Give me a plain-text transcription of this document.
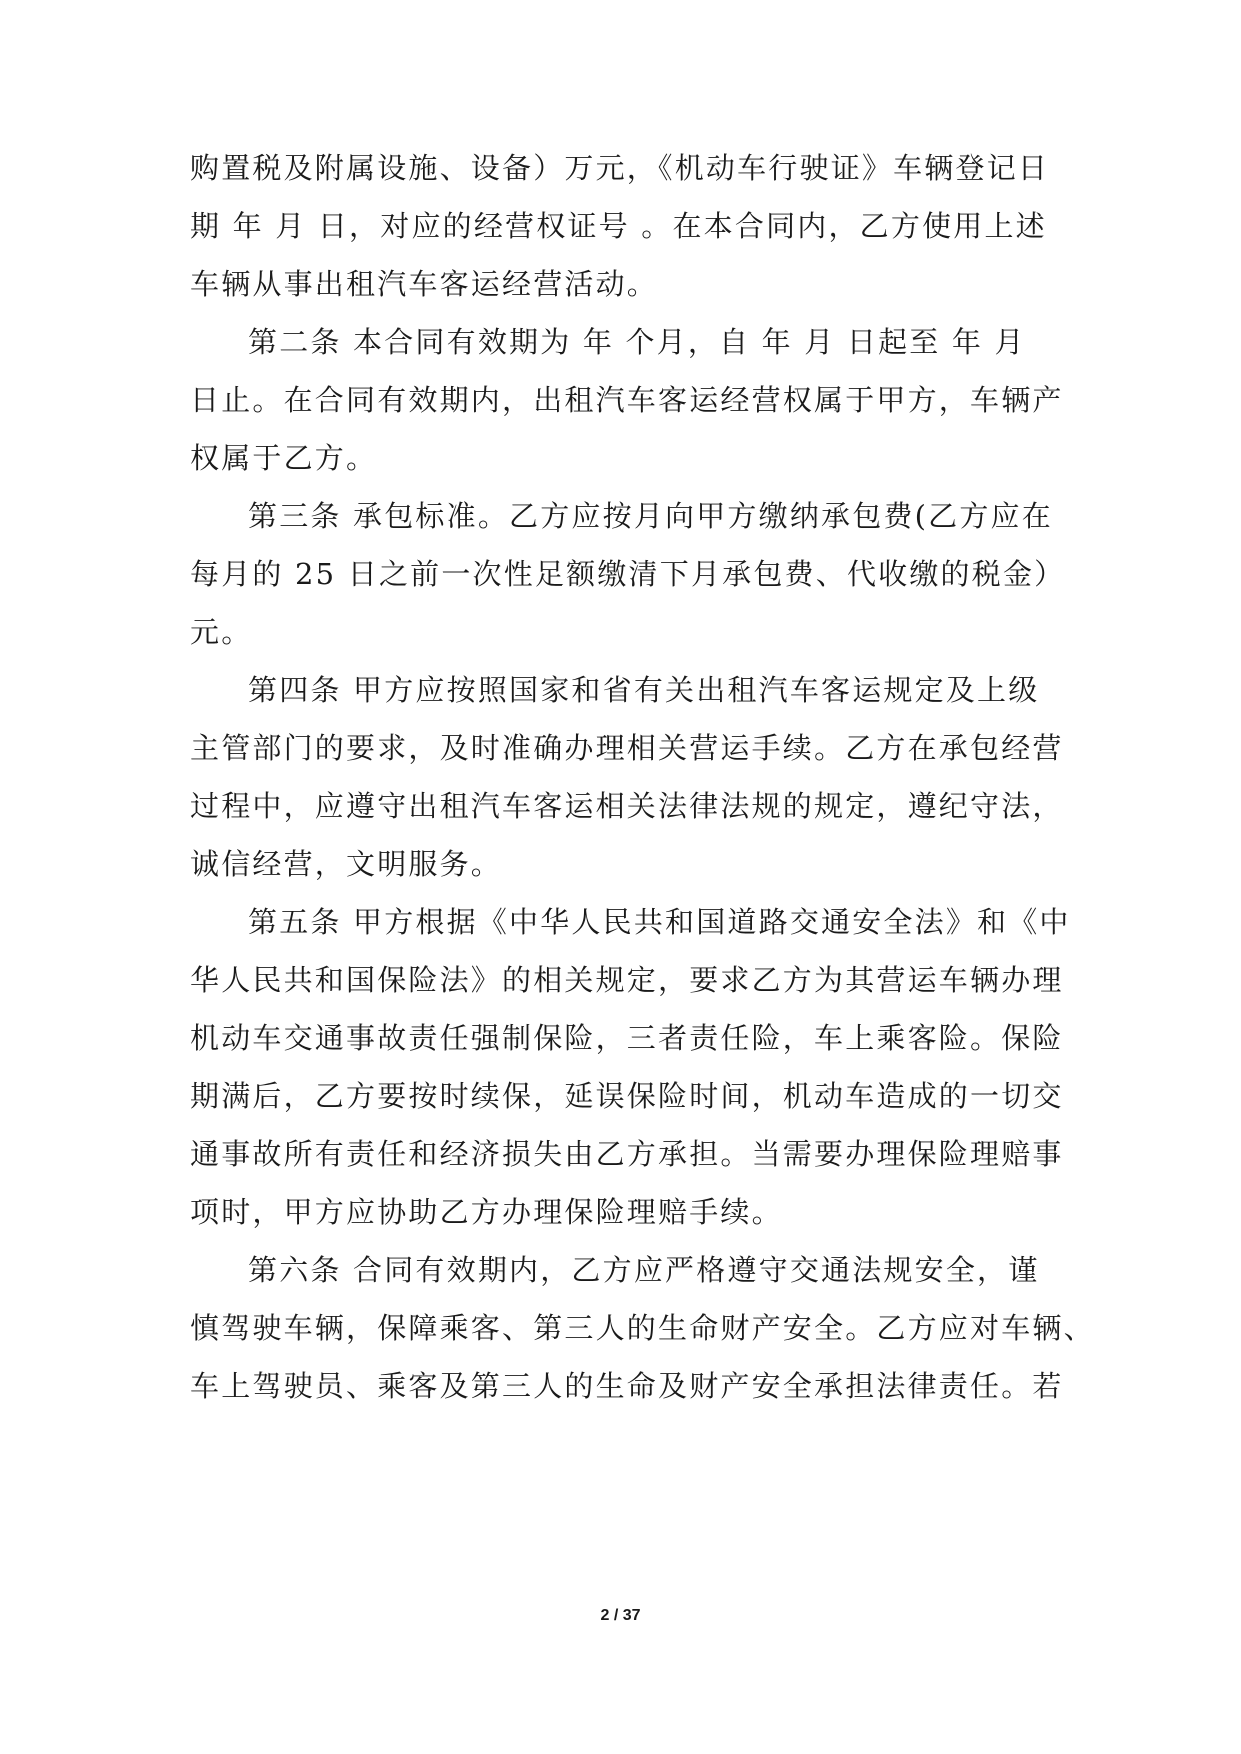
购置税及附属设施、设备）万元，《机动车行驶证》车辆登记日
期 年 月 日，对应的经营权证号 。在本合同内，乙方使用上述
车辆从事出租汽车客运经营活动。
第二条 本合同有效期为 年 个月，自 年 月 日起至 年 月
日止。在合同有效期内，出租汽车客运经营权属于甲方，车辆产
权属于乙方。
第三条 承包标准。乙方应按月向甲方缴纳承包费(乙方应在
每月的 25 日之前一次性足额缴清下月承包费、代收缴的税金）
元。
第四条 甲方应按照国家和省有关出租汽车客运规定及上级
主管部门的要求，及时准确办理相关营运手续。乙方在承包经营
过程中，应遵守出租汽车客运相关法律法规的规定，遵纪守法，
诚信经营，文明服务。
第五条 甲方根据《中华人民共和国道路交通安全法》和《中
华人民共和国保险法》的相关规定，要求乙方为其营运车辆办理
机动车交通事故责任强制保险，三者责任险，车上乘客险。保险
期满后，乙方要按时续保，延误保险时间，机动车造成的一切交
通事故所有责任和经济损失由乙方承担。当需要办理保险理赔事
项时，甲方应协助乙方办理保险理赔手续。
第六条 合同有效期内，乙方应严格遵守交通法规安全，谨
慎驾驶车辆，保障乘客、第三人的生命财产安全。乙方应对车辆、
车上驾驶员、乘客及第三人的生命及财产安全承担法律责任。若
2 / 37
